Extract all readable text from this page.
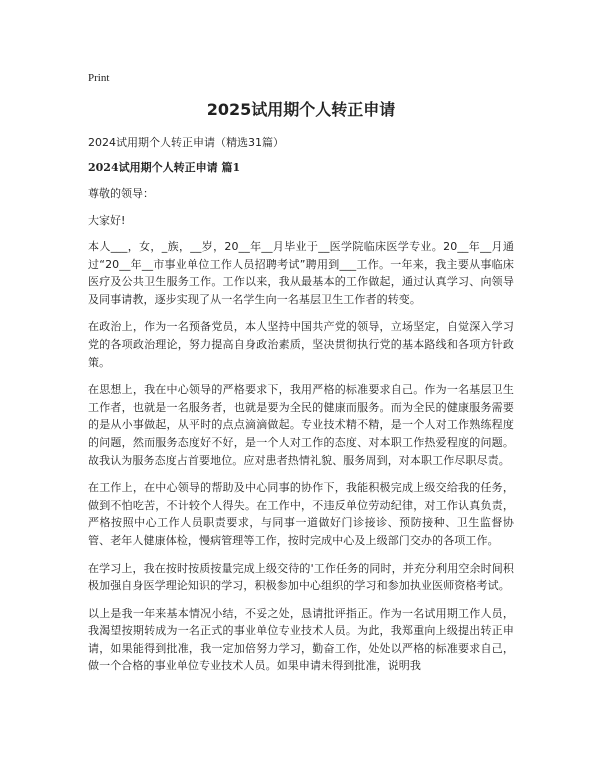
Print
2025试用期个人转正申请
2024试用期个人转正申请（精选31篇）
2024试用期个人转正申请 篇1
尊敬的领导：
大家好!

本人___，女，_族，__岁，20__年__月毕业于__医学院临床医学专业。20__年__月通过“20__年__市事业单位工作人员招聘考试”聘用到___工作。一年来，我主要从事临床医疗及公共卫生服务工作。工作以来，我从最基本的工作做起，通过认真学习、向领导及同事请教，逐步实现了从一名学生向一名基层卫生工作者的转变。

在政治上，作为一名预备党员，本人坚持中国共产党的领导，立场坚定，自觉深入学习党的各项政治理论，努力提高自身政治素质，坚决贯彻执行党的基本路线和各项方针政策。

在思想上，我在中心领导的严格要求下，我用严格的标准要求自己。作为一名基层卫生工作者，也就是一名服务者，也就是要为全民的健康而服务。而为全民的健康服务需要的是从小事做起，从平时的点点滴滴做起。专业技术精不精，是一个人对工作熟练程度的问题，然而服务态度好不好，是一个人对工作的态度、对本职工作热爱程度的问题。故我认为服务态度占首要地位。应对患者热情礼貌、服务周到，对本职工作尽职尽责。

在工作上，在中心领导的帮助及中心同事的协作下，我能积极完成上级交给我的任务，做到不怕吃苦，不计较个人得失。在工作中，不违反单位劳动纪律，对工作认真负责，严格按照中心工作人员职责要求，与同事一道做好门诊接诊、预防接种、卫生监督协管、老年人健康体检，慢病管理等工作，按时完成中心及上级部门交办的各项工作。

在学习上，我在按时按质按量完成上级交待的'工作任务的同时，并充分利用空余时间积极加强自身医学理论知识的学习，积极参加中心组织的学习和参加执业医师资格考试。

以上是我一年来基本情况小结，不妥之处，恳请批评指正。作为一名试用期工作人员，我渴望按期转成为一名正式的事业单位专业技术人员。为此，我郑重向上级提出转正申请，如果能得到批准，我一定加倍努力学习，勤奋工作，处处以严格的标准要求自己，做一个合格的事业单位专业技术人员。如果申请未得到批准，说明我
